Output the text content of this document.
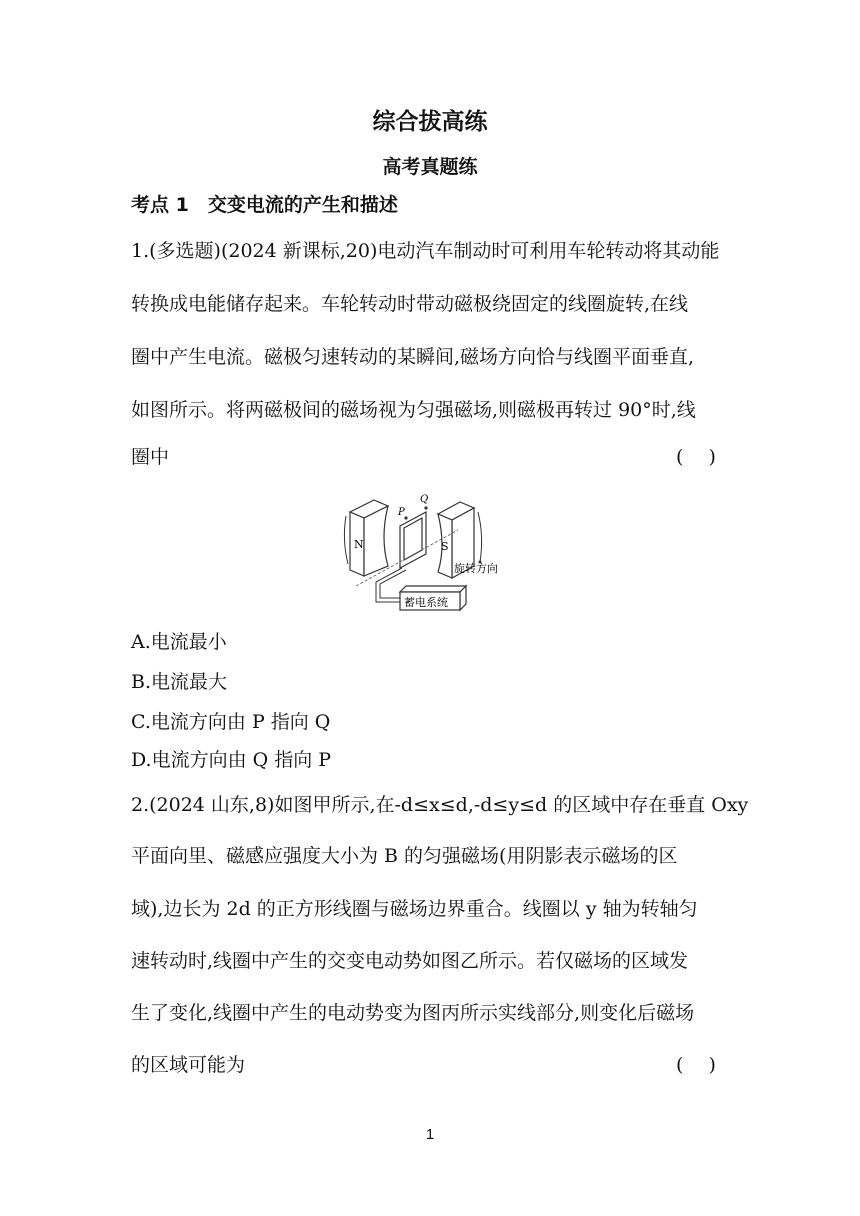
综合拔高练
高考真题练
考点 1　交变电流的产生和描述
1.(多选题)(2024 新课标,20)电动汽车制动时可利用车轮转动将其动能
转换成电能储存起来。车轮转动时带动磁极绕固定的线圈旋转,在线
圈中产生电流。磁极匀速转动的某瞬间,磁场方向恰与线圈平面垂直,
如图所示。将两磁极间的磁场视为匀强磁场,则磁极再转过 90°时,线
圈中	(　 )
N	S
P
Q
蓄电系统
旋转方向
A.电流最小
B.电流最大
C.电流方向由 P 指向 Q
D.电流方向由 Q 指向 P
2.(2024 山东,8)如图甲所示,在-d≤x≤d,-d≤y≤d 的区域中存在垂直 Oxy
平面向里、磁感应强度大小为 B 的匀强磁场(用阴影表示磁场的区
域),边长为 2d 的正方形线圈与磁场边界重合。线圈以 y 轴为转轴匀
速转动时,线圈中产生的交变电动势如图乙所示。若仅磁场的区域发
生了变化,线圈中产生的电动势变为图丙所示实线部分,则变化后磁场
的区域可能为	(　 )
1
